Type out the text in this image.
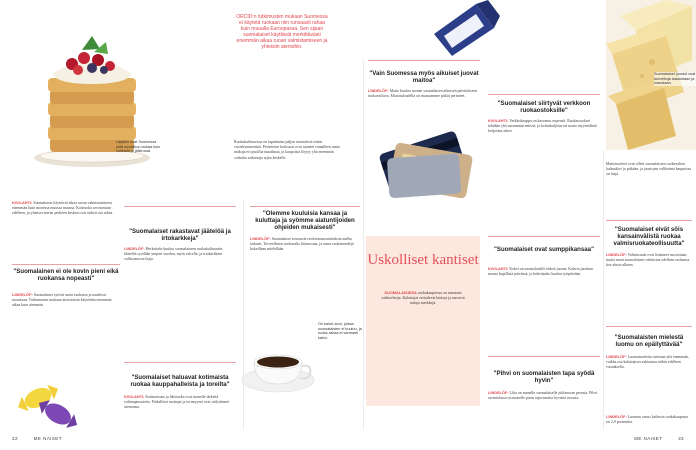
Lätytkin ovat Suomessa yhtä suosittua ruokaa kuin voileivät ja jälkiruoat.
KIVILAHTI: Suomalaiset käyttävät aikaa ruoan valmistamiseen enemmän kuin monessa muussa maassa. Kotiruoka arvostetaan edelleen, ja yhteiset ateriat perheen kesken ovat tärkeä osa arkea.
"Suomalainen ei ole kovin pieni eikä ruokansa nopeasti"
LINDELÖF: Suomalaiset syövät usein rauhassa ja nauttivat ruoastaan. Tutkimusten mukaan ateriointiin käytetään enemmän aikaa kuin aiemmin.
32	ME NAISET
ORCID:n tutkimusten mukaan Suomessa ei käytetä ruokaan niin runsaasti rahaa kuin muualla Euroopassa. Sen sijaan suomalaiset käyttävät merkittävästi enemmän aikaa ruoan valmistamiseen ja yhteisiin aterioihin.
Ruokakulttuurissa on tapahtunut paljon muutoksia viime vuosikymmeninä. Perinteiset kotiruoat ovat saaneet rinnalleen uusia makuja eri puolilta maailmaa, ja kaupoista löytyy yhä enemmän valmiita ratkaisuja arjen keskelle.
"Suomalaiset rakastavat jäätelöä ja irtokarkkeja"
LINDELÖF: Herkuttelu kuuluu suomalaiseen ruokakulttuuriin. Jäätelöä syödään ympäri vuoden, myös talvella, ja irtokarkkien valikoima on laaja.
"Suomalaiset haluavat kotimaista ruokaa kauppahalleista ja toreilta"
KIVILAHTI: Kotimaisuus ja lähiruoka ovat monelle tärkeitä valintaperusteita. Paikalliset tuottajat ja torimyynti ovat säilyttäneet asemansa.
"Olemme kuuluisia kansaa ja kuluttaja ja syömme aiatuntijoiden ohjeiden mukaisesti"
LINDELÖF: Suomalaiset seuraavat ravitsemussuosituksia melko tarkasti. Terveellinen ruokavalio kiinnostaa, ja uusia ruokatrendejä kokeillaan mielellään.
On kalori-arvo, joissa suomalaisten ei kuuluu, ja ruoka-rahaa ei varmasti kahvi.
"Vain Suomessa myös aikuiset juovat maitoa"
LINDELÖF: Maito kuuluu monen suomalaisen aikuisen päivittäiseen ruokavalioon. Maitotaloudella on maassamme pitkät perinteet.
Uskolliset kantiset
SUOMALAISISSA ruokakaupoissa on runsaasti vaihtoehtoja. Kuluttajat vertailevat hintoja ja suosivat tuttuja merkkejä.
"Suomalaiset siirtyvät verkkoon ruokaostoksille"
KIVILAHTI: Verkkokauppa on kasvanut nopeasti. Ruokaostokset tehdään yhä useammin netissä, ja kotiinkuljetus tai nouto myymälästä helpottaa arkea.
"Suomalaiset ovat sumppikansaa"
KIVILAHTI: Kahvi on suomalaisille tärkeä juoma. Kahvia juodaan monta kupillista päivässä, ja kahvitauko kuuluu työpäivään.
"Pihvi on suomalaisten tapa syödä hyvin"
LINDELÖF: Liha on monelle suomalaiselle juhlaruoan perusta. Pihvi ravintolassa on monelle paras tapa nauttia hyvästä ruoasta.
Suomalaiset juustot ovat tunnettuja laadustaan ja maustaan.
Maitotuotteet ovat olleet suomalaisten ruokavalion kulmakivi jo pitkään, ja juustojen valikoima kaupoissa on laaja.
"Suomalaiset eivät söis kansainvälistä ruokaa valmisruokateollisuutta"
LINDELÖF: Valmisruoat ovat lisänneet suosiotaan, mutta moni suomalainen valmistaa edelleen ruokansa itse alusta alkaen.
"Suomalaisten mielestä luomu on epäilyttävää"
LINDELÖF: Luomutuotteita ostetaan yhä enemmän, vaikka osa kuluttajista suhtautuu niihin edelleen varauksella.
LINDELÖF: Luomun osuus kaikesta ruokakaupasta on 2,9 prosenttia.
ME NAISET	33
